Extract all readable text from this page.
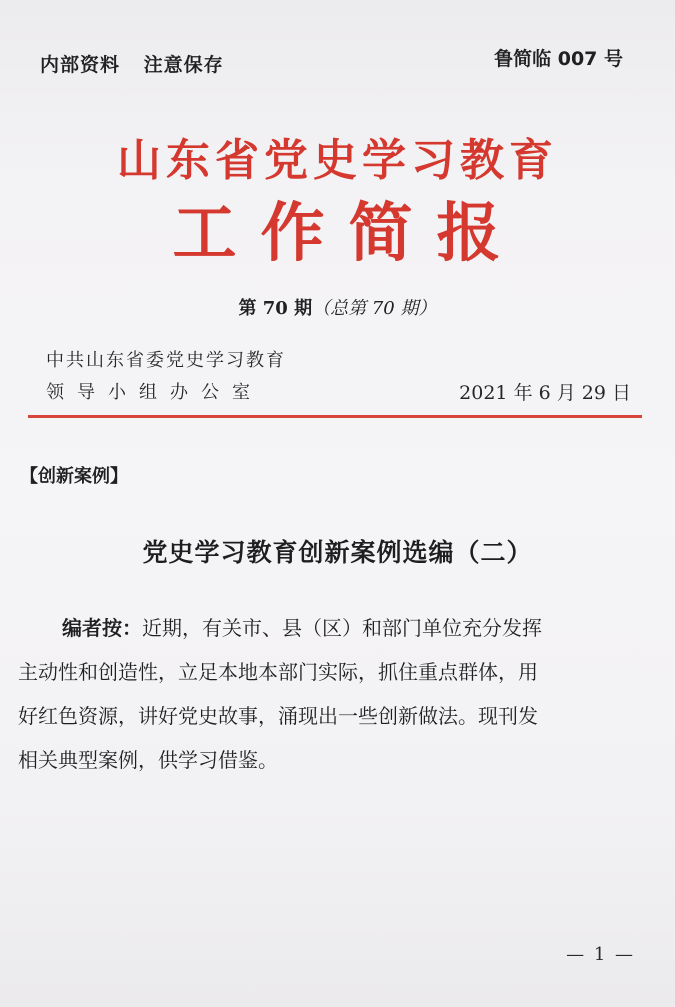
内部资料 注意保存	鲁简临 007 号
山东省党史学习教育
工作简报
第 70 期（总第 70 期）
中共山东省委党史学习教育
领导小组办公室	2021 年 6 月 29 日
【创新案例】
党史学习教育创新案例选编（二）
编者按：近期，有关市、县（区）和部门单位充分发挥
主动性和创造性，立足本地本部门实际，抓住重点群体，用
好红色资源，讲好党史故事，涌现出一些创新做法。现刊发
相关典型案例，供学习借鉴。
— 1 —
